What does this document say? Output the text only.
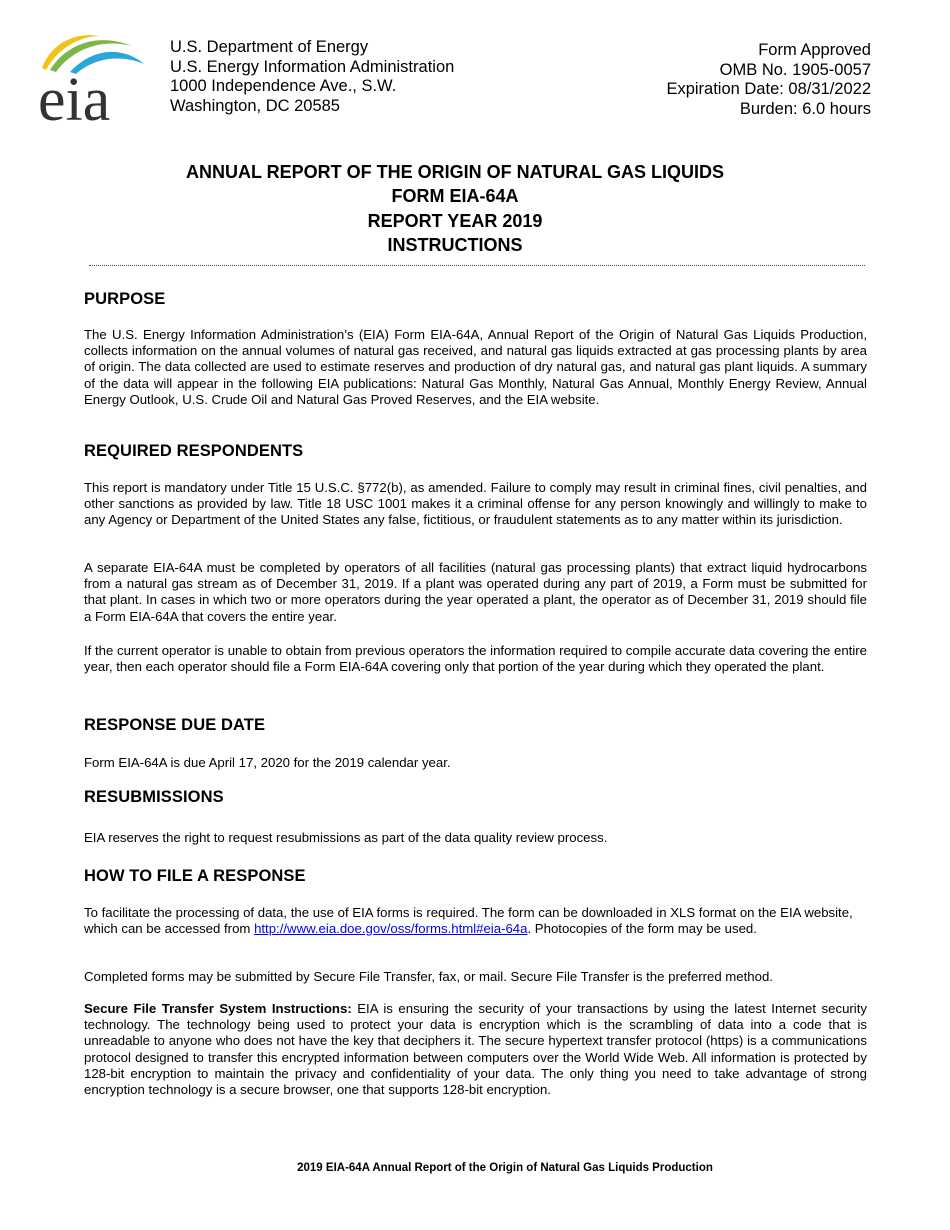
eia
U.S. Department of Energy
U.S. Energy Information Administration
1000 Independence Ave., S.W.
Washington, DC 20585
Form Approved
OMB No. 1905-0057
Expiration Date: 08/31/2022
Burden: 6.0 hours
ANNUAL REPORT OF THE ORIGIN OF NATURAL GAS LIQUIDS
FORM EIA-64A
REPORT YEAR 2019
INSTRUCTIONS
PURPOSE

The U.S. Energy Information Administration’s (EIA) Form EIA-64A, Annual Report of the Origin of Natural Gas Liquids Production, collects information on the annual volumes of natural gas received, and natural gas liquids extracted at gas processing plants by area of origin. The data collected are used to estimate reserves and production of dry natural gas, and natural gas plant liquids. A summary of the data will appear in the following EIA publications: Natural Gas Monthly, Natural Gas Annual, Monthly Energy Review, Annual Energy Outlook, U.S. Crude Oil and Natural Gas Proved Reserves, and the EIA website.

REQUIRED RESPONDENTS

This report is mandatory under Title 15 U.S.C. §772(b), as amended. Failure to comply may result in criminal fines, civil penalties, and other sanctions as provided by law. Title 18 USC 1001 makes it a criminal offense for any person knowingly and willingly to make to any Agency or Department of the United States any false, fictitious, or fraudulent statements as to any matter within its jurisdiction.

A separate EIA-64A must be completed by operators of all facilities (natural gas processing plants) that extract liquid hydrocarbons from a natural gas stream as of December 31, 2019. If a plant was operated during any part of 2019, a Form must be submitted for that plant. In cases in which two or more operators during the year operated a plant, the operator as of December 31, 2019 should file a Form EIA-64A that covers the entire year.

If the current operator is unable to obtain from previous operators the information required to compile accurate data covering the entire year, then each operator should file a Form EIA-64A covering only that portion of the year during which they operated the plant.

RESPONSE DUE DATE

Form EIA-64A is due April 17, 2020 for the 2019 calendar year.

RESUBMISSIONS

EIA reserves the right to request resubmissions as part of the data quality review process.

HOW TO FILE A RESPONSE

To facilitate the processing of data, the use of EIA forms is required. The form can be downloaded in XLS format on the EIA website, which can be accessed from http://www.eia.doe.gov/oss/forms.html#eia-64a. Photocopies of the form may be used.

Completed forms may be submitted by Secure File Transfer, fax, or mail. Secure File Transfer is the preferred method.

Secure File Transfer System Instructions: EIA is ensuring the security of your transactions by using the latest Internet security technology. The technology being used to protect your data is encryption which is the scrambling of data into a code that is unreadable to anyone who does not have the key that deciphers it. The secure hypertext transfer protocol (https) is a communications protocol designed to transfer this encrypted information between computers over the World Wide Web. All information is protected by 128-bit encryption to maintain the privacy and confidentiality of your data. The only thing you need to take advantage of strong encryption technology is a secure browser, one that supports 128-bit encryption.

2019 EIA-64A Annual Report of the Origin of Natural Gas Liquids Production
